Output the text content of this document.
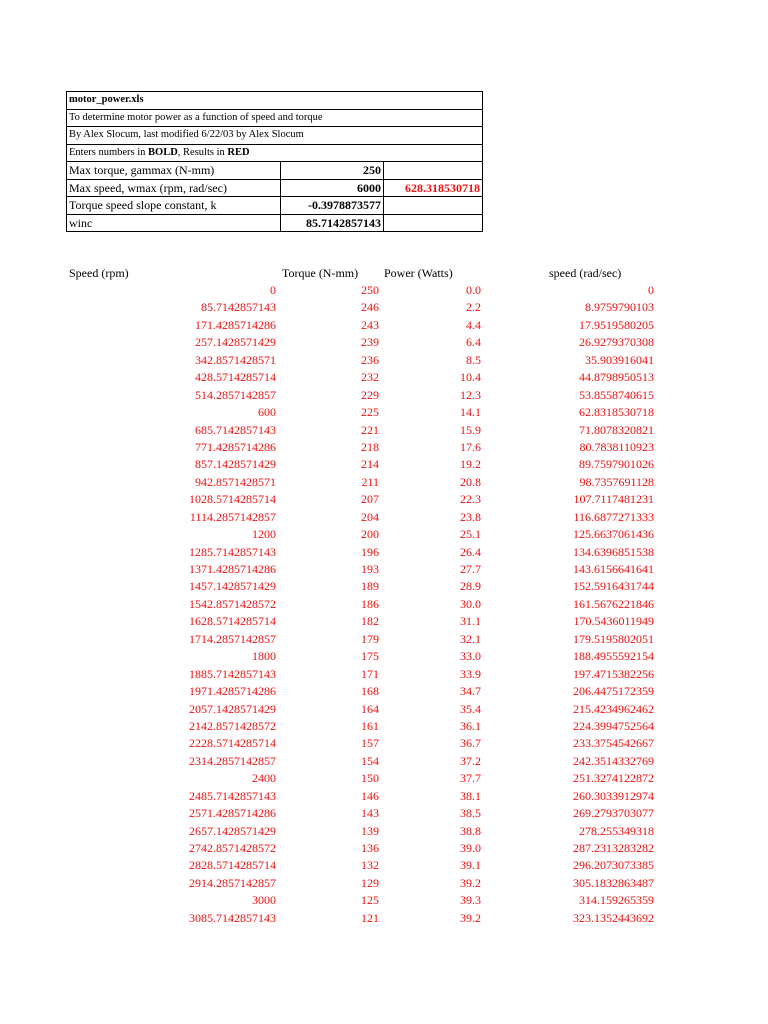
motor_power.xls
To determine motor power as a function of speed and torque
By Alex Slocum, last modified 6/22/03 by Alex Slocum
Enters numbers in BOLD, Results in RED
Max torque, gammax (N-mm)	250
Max speed, wmax (rpm, rad/sec)	6000	628.318530718
Torque speed slope constant, k	-0.3978873577
winc	85.7142857143
Speed (rpm)	Torque (N-mm) Power (Watts)	speed (rad/sec)
0	250	0.0	0
85.7142857143	246	2.2	8.9759790103
171.4285714286	243	4.4	17.9519580205
257.1428571429	239	6.4	26.9279370308
342.8571428571	236	8.5	35.903916041
428.5714285714	232	10.4	44.8798950513
514.2857142857	229	12.3	53.8558740615
600	225	14.1	62.8318530718
685.7142857143	221	15.9	71.8078320821
771.4285714286	218	17.6	80.7838110923
857.1428571429	214	19.2	89.7597901026
942.8571428571	211	20.8	98.7357691128
1028.5714285714	207	22.3	107.7117481231
1114.2857142857	204	23.8	116.6877271333
1200	200	25.1	125.6637061436
1285.7142857143	196	26.4	134.6396851538
1371.4285714286	193	27.7	143.6156641641
1457.1428571429	189	28.9	152.5916431744
1542.8571428572	186	30.0	161.5676221846
1628.5714285714	182	31.1	170.5436011949
1714.2857142857	179	32.1	179.5195802051
1800	175	33.0	188.4955592154
1885.7142857143	171	33.9	197.4715382256
1971.4285714286	168	34.7	206.4475172359
2057.1428571429	164	35.4	215.4234962462
2142.8571428572	161	36.1	224.3994752564
2228.5714285714	157	36.7	233.3754542667
2314.2857142857	154	37.2	242.3514332769
2400	150	37.7	251.3274122872
2485.7142857143	146	38.1	260.3033912974
2571.4285714286	143	38.5	269.2793703077
2657.1428571429	139	38.8	278.255349318
2742.8571428572	136	39.0	287.2313283282
2828.5714285714	132	39.1	296.2073073385
2914.2857142857	129	39.2	305.1832863487
3000	125	39.3	314.159265359
3085.7142857143	121	39.2	323.1352443692
